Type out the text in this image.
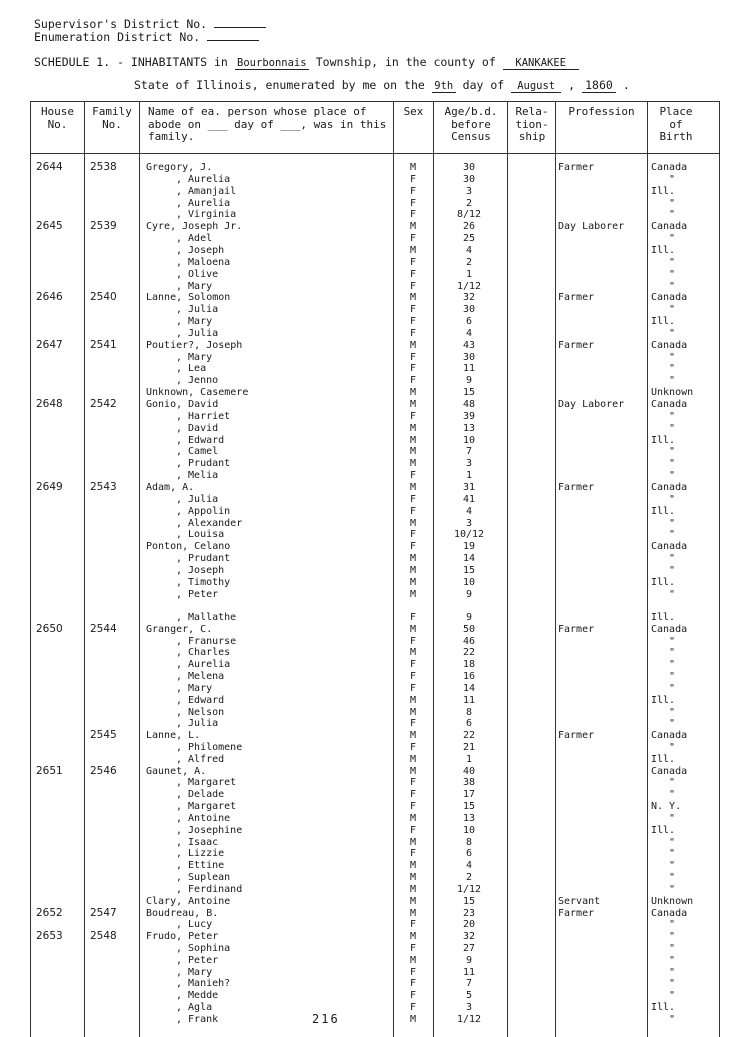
Supervisor's District No.
Enumeration District No.
SCHEDULE 1. - INHABITANTS in Bourbonnais Township, in the county of KANKAKEE
State of Illinois, enumerated by me on the 9th day of August , 1860 .
House No.
Family No.
Name of ea. person whose place of abode on ___ day of ___, was in this family.
Sex	Age/b.d. before Census
Rela- tion- ship
Profession	Place of Birth
2644	2538	Gregory, J.	M	30	Farmer	Canada
, Aurelia	F	30	"
, Amanjail	F	3	Ill.
, Aurelia	F	2	"
, Virginia	F	8/12	"
2645	2539	Cyre, Joseph Jr.	M	26	Day Laborer	Canada
, Adel	F	25	"
, Joseph	M	4	Ill.
, Maloena	F	2	"
, Olive	F	1	"
, Mary	F	1/12	"
2646	2540	Lanne, Solomon	M	32	Farmer	Canada
, Julia	F	30	"
, Mary	F	6	Ill.
, Julia	F	4	"
2647	2541	Poutier?, Joseph	M	43	Farmer	Canada
, Mary	F	30	"
, Lea	F	11	"
, Jenno	F	9	"
Unknown, Casemere	M	15	Unknown
2648	2542	Gonio, David	M	48	Day Laborer	Canada
, Harriet	F	39	"
, David	M	13	"
, Edward	M	10	Ill.
, Camel	M	7	"
, Prudant	M	3	"
, Melia	F	1	"
2649	2543	Adam, A.	M	31	Farmer	Canada
, Julia	F	41	"
, Appolin	F	4	Ill.
, Alexander	M	3	"
, Louisa	F	10/12	"
Ponton, Celano	F	19	Canada
, Prudant	M	14	"
, Joseph	M	15	"
, Timothy	M	10	Ill.
, Peter	M	9	"
, Mallathe	F	9	Ill.
2650	2544	Granger, C.	M	50	Farmer	Canada
, Franurse	F	46	"
, Charles	M	22	"
, Aurelia	F	18	"
, Melena	F	16	"
, Mary	F	14	"
, Edward	M	11	Ill.
, Nelson	M	8	"
, Julia	F	6	"
2545	Lanne, L.	M	22	Farmer	Canada
, Philomene	F	21	"
, Alfred	M	1	Ill.
2651	2546	Gaunet, A.	M	40	Canada
, Margaret	F	38	"
, Delade	F	17	"
, Margaret	F	15	N. Y.
, Antoine	M	13	"
, Josephine	F	10	Ill.
, Isaac	M	8	"
, Lizzie	F	6	"
, Ettine	M	4	"
, Suplean	M	2	"
, Ferdinand	M	1/12	"
Clary, Antoine	M	15	Servant	Unknown
2652	2547	Boudreau, B.	M	23	Farmer	Canada
, Lucy	F	20	"
2653	2548	Frudo, Peter	M	32	"
, Sophina	F	27	"
, Peter	M	9	"
, Mary	F	11	"
, Manieh?	F	7	"
, Medde	F	5	"
, Agla	F	3	Ill.
, Frank	M	1/12	"
216
